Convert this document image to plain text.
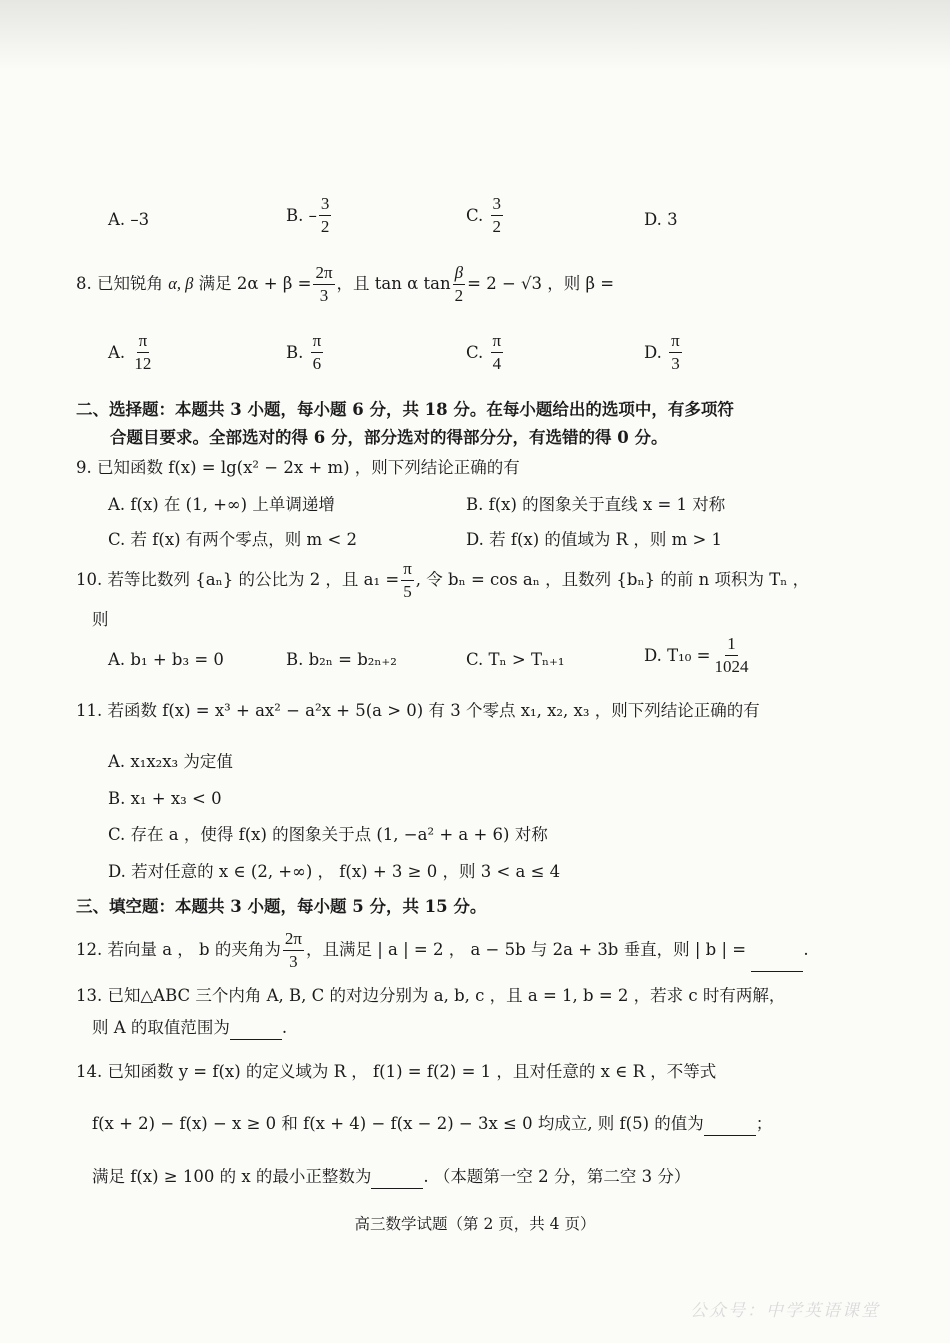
A. –3	B. – $\frac{3}{2}$	C. $\frac{3}{2}$	D. 3
8. 已知锐角 α, β 满足 $2\alpha + \beta = \frac{2\pi}{3}$ ，且 tan α $\tan \frac{\beta}{2} = 2 - √3$ ，则 β =
A. $\frac{\pi}{12}$	B. $\frac{\pi}{6}$	C. $\frac{\pi}{4}$	D. $\frac{\pi}{3}$
二、选择题：本题共 3 小题，每小题 6 分，共 18 分。在每小题给出的选项中，有多项符
合题目要求。全部选对的得 6 分，部分选对的得部分分，有选错的得 0 分。
9. 已知函数 f(x) = lg(x² − 2x + m) ，则下列结论正确的有
A. f(x) 在 (1, +∞) 上单调递增	B. f(x) 的图象关于直线 x = 1 对称
C. 若 f(x) 有两个零点，则 m < 2	D. 若 f(x) 的值域为 R ，则 m > 1
10. 若等比数列 {aₙ} 的公比为 2 ，且 $a_1 = \frac{\pi}{5}$ , 令 bₙ = cos aₙ ，且数列 {bₙ} 的前 n 项积为 Tₙ ，
则
A. b₁ + b₃ = 0	B. b₂ₙ = b₂ₙ₊₂	C. Tₙ > Tₙ₊₁	D. $T_{10} = \frac{1}{1024}$
11. 若函数 f(x) = x³ + ax² − a²x + 5(a > 0) 有 3 个零点 x₁, x₂, x₃ ，则下列结论正确的有
A. x₁x₂x₃ 为定值
B. x₁ + x₃ < 0
C. 存在 a ，使得 f(x) 的图象关于点 (1, −a² + a + 6) 对称
D. 若对任意的 x ∈ (2, +∞) ， f(x) + 3 ≥ 0 ，则 3 < a ≤ 4
三、填空题：本题共 3 小题，每小题 5 分，共 15 分。
12. 若向量 a ， b 的夹角为 $\frac{2\pi}{3}$ ，且满足 | a | = 2 ， a − 5b 与 2a + 3b 垂直，则 | b | =	.
13. 已知△ABC 三个内角 A, B, C 的对边分别为 a, b, c ，且 a = 1, b = 2 ，若求 c 时有两解，
则 A 的取值范围为	.
14. 已知函数 y = f(x) 的定义域为 R ， f(1) = f(2) = 1 ，且对任意的 x ∈ R ，不等式
f(x + 2) − f(x) − x ≥ 0 和 f(x + 4) − f(x − 2) − 3x ≤ 0 均成立, 则 f(5) 的值为	；
满足 f(x) ≥ 100 的 x 的最小正整数为	. （本题第一空 2 分，第二空 3 分）
高三数学试题（第 2 页，共 4 页）
公众号：中学英语课堂
